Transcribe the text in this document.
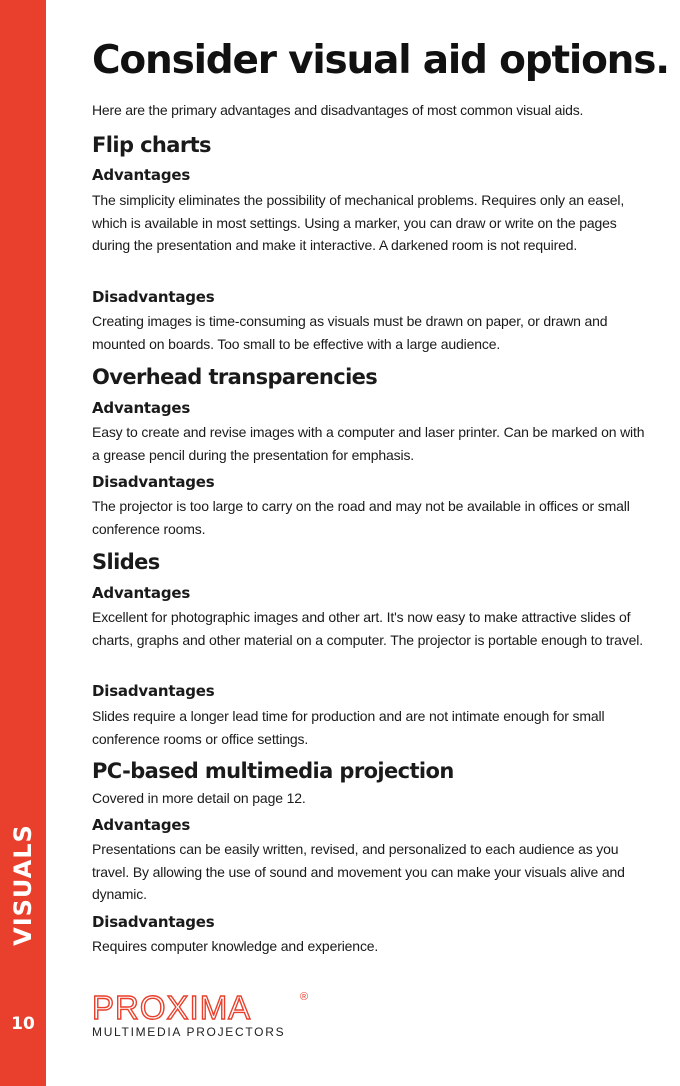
VISUALS
10
Consider visual aid options.

Here are the primary advantages and disadvantages of most common visual aids.

Flip charts
Advantages

The simplicity eliminates the possibility of mechanical problems. Requires only an easel, which is available in most settings. Using a marker, you can draw or write on the pages during the presentation and make it interactive. A darkened room is not required.

Disadvantages

Creating images is time-consuming as visuals must be drawn on paper, or drawn and mounted on boards. Too small to be effective with a large audience.

Overhead transparencies
Advantages

Easy to create and revise images with a computer and laser printer. Can be marked on with a grease pencil during the presentation for emphasis.

Disadvantages

The projector is too large to carry on the road and may not be available in offices or small conference rooms.

Slides
Advantages

Excellent for photographic images and other art. It's now easy to make attractive slides of charts, graphs and other material on a computer. The projector is portable enough to travel.

Disadvantages

Slides require a longer lead time for production and are not intimate enough for small conference rooms or office settings.

PC-based multimedia projection

Covered in more detail on page 12.

Advantages

Presentations can be easily written, revised, and personalized to each audience as you travel. By allowing the use of sound and movement you can make your visuals alive and dynamic.

Disadvantages

Requires computer knowledge and experience.

PROXIMA	®
MULTIMEDIA PROJECTORS
